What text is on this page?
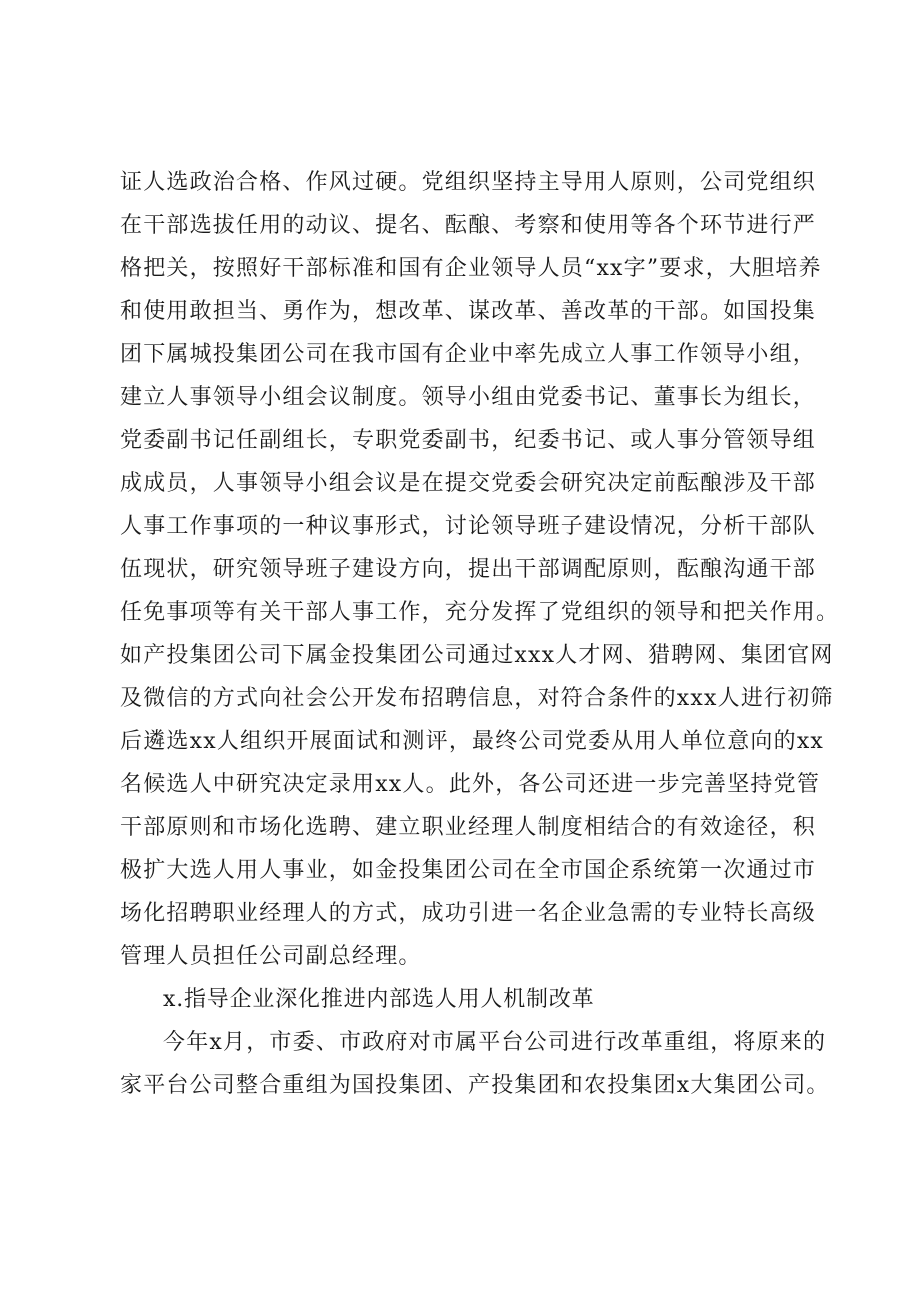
证人选政治合格、作风过硬。党组织坚持主导用人原则，公司党组织
在干部选拔任用的动议、提名、酝酿、考察和使用等各个环节进行严
格把关，按照好干部标准和国有企业领导人员“xx字”要求，大胆培养
和使用敢担当、勇作为，想改革、谋改革、善改革的干部。如国投集
团下属城投集团公司在我市国有企业中率先成立人事工作领导小组，
建立人事领导小组会议制度。领导小组由党委书记、董事长为组长，
党委副书记任副组长，专职党委副书，纪委书记、或人事分管领导组
成成员，人事领导小组会议是在提交党委会研究决定前酝酿涉及干部
人事工作事项的一种议事形式，讨论领导班子建设情况，分析干部队
伍现状，研究领导班子建设方向，提出干部调配原则，酝酿沟通干部
任免事项等有关干部人事工作，充分发挥了党组织的领导和把关作用。
如产投集团公司下属金投集团公司通过xxx人才网、猎聘网、集团官网
及微信的方式向社会公开发布招聘信息，对符合条件的xxx人进行初筛
后遴选xx人组织开展面试和测评，最终公司党委从用人单位意向的xx
名候选人中研究决定录用xx人。此外，各公司还进一步完善坚持党管
干部原则和市场化选聘、建立职业经理人制度相结合的有效途径，积
极扩大选人用人事业，如金投集团公司在全市国企系统第一次通过市
场化招聘职业经理人的方式，成功引进一名企业急需的专业特长高级
管理人员担任公司副总经理。
x.指导企业深化推进内部选人用人机制改革
今年x月，市委、市政府对市属平台公司进行改革重组，将原来的
家平台公司整合重组为国投集团、产投集团和农投集团x大集团公司。
